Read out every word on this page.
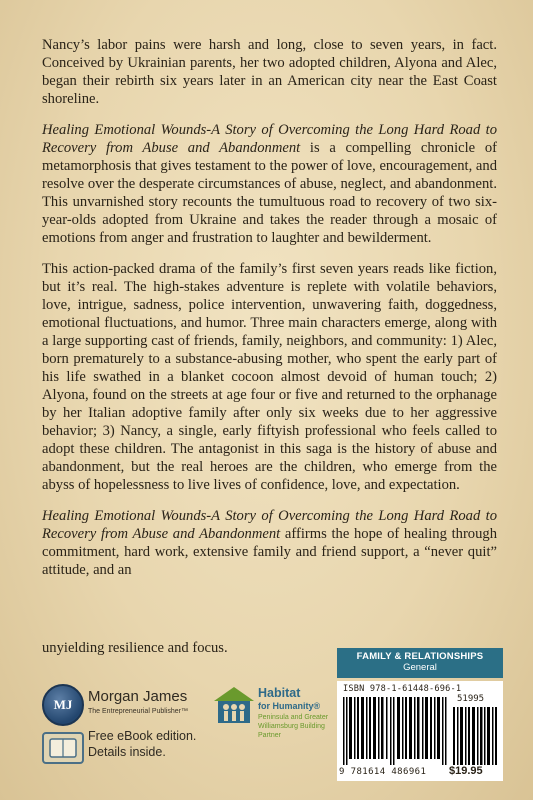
Nancy’s labor pains were harsh and long, close to seven years, in fact. Conceived by Ukrainian parents, her two adopted children, Alyona and Alec, began their rebirth six years later in an American city near the East Coast shoreline.

Healing Emotional Wounds-A Story of Overcoming the Long Hard Road to Recovery from Abuse and Abandonment is a compelling chronicle of metamorphosis that gives testament to the power of love, encouragement, and resolve over the desperate circumstances of abuse, neglect, and abandonment. This unvarnished story recounts the tumultuous road to recovery of two six-year-olds adopted from Ukraine and takes the reader through a mosaic of emotions from anger and frustration to laughter and bewilderment.

This action-packed drama of the family’s first seven years reads like fiction, but it’s real. The high-stakes adventure is replete with volatile behaviors, love, intrigue, sadness, police intervention, unwavering faith, doggedness, emotional fluctuations, and humor. Three main characters emerge, along with a large supporting cast of friends, family, neighbors, and community: 1) Alec, born prematurely to a substance-abusing mother, who spent the early part of his life swathed in a blanket cocoon almost devoid of human touch; 2) Alyona, found on the streets at age four or five and returned to the orphanage by her Italian adoptive family after only six weeks due to her aggressive behavior; 3) Nancy, a single, early fiftyish professional who feels called to adopt these children. The antagonist in this saga is the history of abuse and abandonment, but the real heroes are the children, who emerge from the abyss of hopelessness to live lives of confidence, love, and expectation.

Healing Emotional Wounds-A Story of Overcoming the Long Hard Road to Recovery from Abuse and Abandonment affirms the hope of healing through commitment, hard work, extensive family and friend support, a “never quit” attitude, and an

unyielding resilience and focus.
FAMILY & RELATIONSHIPS
General
ISBN 978-1-61448-696-1
51995
9 781614 486961 $19.95
MJ	Morgan James
The Entrepreneurial Publisher™
Free eBook edition.
Details inside.
Habitat
for Humanity®
Peninsula and Greater Williamsburg Building Partner
